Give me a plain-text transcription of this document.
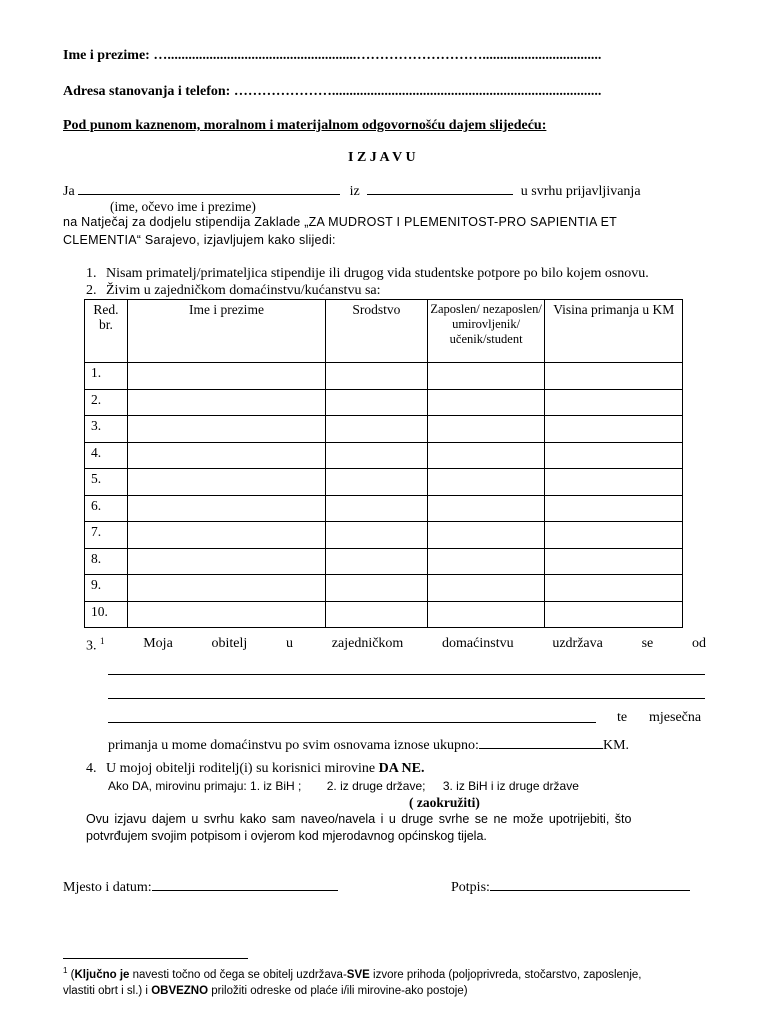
Ime i prezime: …......................................................………………………..................................
Adresa stanovanja i telefon: ………………….............................................................................
Pod punom kaznenom, moralnom i materijalnom odgovornošću dajem slijedeću:
I Z J A V U
Ja	iz	u svrhu prijavljivanja
(ime, očevo ime i prezime)
na Natječaj za dodjelu stipendija Zaklade „ZA MUDROST I PLEMENITOST-PRO SAPIENTIA ET
CLEMENTIA“ Sarajevo, izjavljujem kako slijedi:
1. Nisam primatelj/primateljica stipendije ili drugog vida studentske potpore po bilo kojem osnovu.
2. Živim u zajedničkom domaćinstvu/kućanstvu sa:
Red. br.	Ime i prezime	Srodstvo	Zaposlen/ nezaposlen/ umirovljenik/ učenik/student	Visina primanja u KM
1.				
2.				
3.				
4.				
5.				
6.				
7.				
8.				
9.				
10.				
3. $^1$	Moja	obitelj	u	zajedničkom	domaćinstvu	uzdržava	se	od
te mjesečna
primanja u mome domaćinstvu po svim osnovama iznose ukupno:	KM.
4. U mojoj obitelji roditelj(i) su korisnici mirovine DA NE.
Ako DA, mirovinu primaju: 1. iz BiH ; 2. iz druge države; 3. iz BiH i iz druge države
( zaokružiti)
Ovu izjavu dajem u svrhu kako sam naveo/navela i u druge svrhe se ne može upotrijebiti, što
potvrđujem svojim potpisom i ovjerom kod mjerodavnog općinskog tijela.
Mjesto i datum:	Potpis:
$^1$ (Ključno je navesti točno od čega se obitelj uzdržava-SVE izvore prihoda (poljoprivreda, stočarstvo, zaposlenje,
vlastiti obrt i sl.) i OBVEZNO priložiti odreske od plaće i/ili mirovine-ako postoje)
